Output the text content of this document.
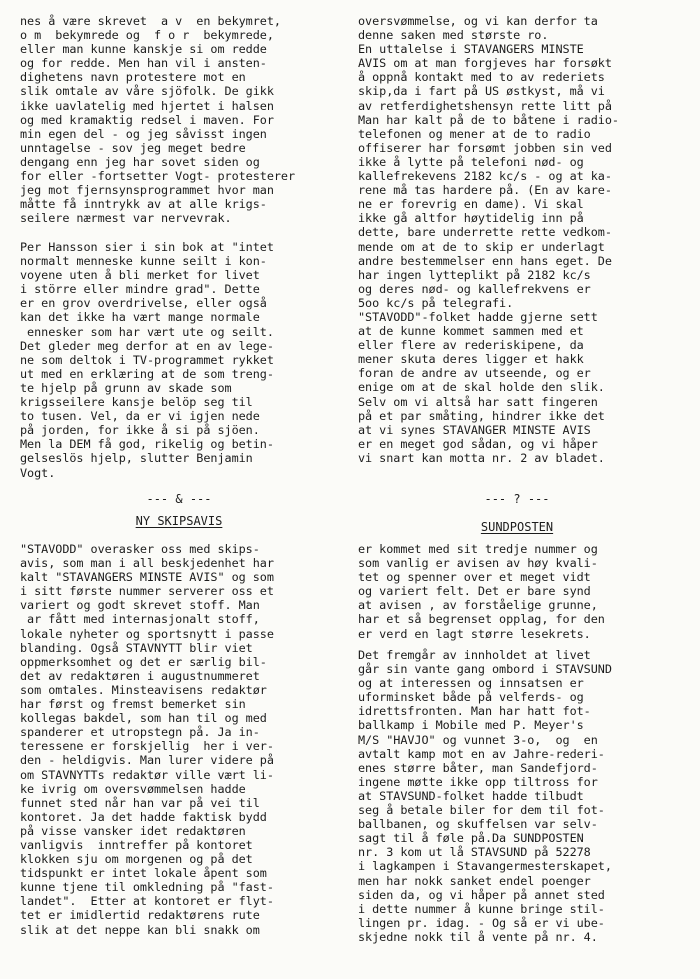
nes å være skrevet  a v  en bekymret,
o m  bekymrede og  f o r  bekymrede,
eller man kunne kanskje si om redde
og for redde. Men han vil i ansten-
dighetens navn protestere mot en
slik omtale av våre sjöfolk. De gikk
ikke uavlatelig med hjertet i halsen
og med kramaktig redsel i maven. For
min egen del - og jeg såvisst ingen
unntagelse - sov jeg meget bedre
dengang enn jeg har sovet siden og
for eller -fortsetter Vogt- protesterer
jeg mot fjernsynsprogrammet hvor man
måtte få inntrykk av at alle krigs-
seilere nærmest var nervevrak.
Per Hansson sier i sin bok at "intet
normalt menneske kunne seilt i kon-
voyene uten å bli merket for livet
i större eller mindre grad". Dette
er en grov overdrivelse, eller også
kan det ikke ha vært mange normale
ennesker som har vært ute og seilt.
Det gleder meg derfor at en av lege-
ne som deltok i TV-programmet rykket
ut med en erklæring at de som treng-
te hjelp på grunn av skade som
krigsseilere kansje belöp seg til
to tusen. Vel, da er vi igjen nede
på jorden, for ikke å si på sjöen.
Men la DEM få god, rikelig og betin-
gelseslös hjelp, slutter Benjamin
Vogt.
--- & ---
NY SKIPSAVIS
"STAVODD" overasker oss med skips-
avis, som man i all beskjedenhet har
kalt "STAVANGERS MINSTE AVIS" og som
i sitt første nummer serverer oss et
variert og godt skrevet stoff. Man
ar fått med internasjonalt stoff,
lokale nyheter og sportsnytt i passe
blanding. Også STAVNYTT blir viet
oppmerksomhet og det er særlig bil-
det av redaktøren i augustnummeret
som omtales. Minsteavisens redaktør
har først og fremst bemerket sin
kollegas bakdel, som han til og med
spanderer et utropstegn på. Ja in-
teressene er forskjellig  her i ver-
den - heldigvis. Man lurer videre på
om STAVNYTTs redaktør ville vært li-
ke ivrig om oversvømmelsen hadde
funnet sted når han var på vei til
kontoret. Ja det hadde faktisk bydd
på visse vansker idet redaktøren
vanligvis  inntreffer på kontoret
klokken sju om morgenen og på det
tidspunkt er intet lokale åpent som
kunne tjene til omkledning på "fast-
landet".  Etter at kontoret er flyt-
tet er imidlertid redaktørens rute
slik at det neppe kan bli snakk om
oversvømmelse, og vi kan derfor ta
denne saken med største ro.
En uttalelse i STAVANGERS MINSTE
AVIS om at man forgjeves har forsøkt
å oppnå kontakt med to av rederiets
skip,da i fart på US østkyst, må vi
av retferdighetshensyn rette litt på
Man har kalt på de to båtene i radio-
telefonen og mener at de to radio
offiserer har forsømt jobben sin ved
ikke å lytte på telefoni nød- og
kallefrekevens 2182 kc/s - og at ka-
rene må tas hardere på. (En av kare-
ne er forevrig en dame). Vi skal
ikke gå altfor høytidelig inn på
dette, bare underrette rette vedkom-
mende om at de to skip er underlagt
andre bestemmelser enn hans eget. De
har ingen lytteplikt på 2182 kc/s
og deres nød- og kallefrekvens er
5oo kc/s på telegrafi.
"STAVODD"-folket hadde gjerne sett
at de kunne kommet sammen med et
eller flere av rederiskipene, da
mener skuta deres ligger et hakk
foran de andre av utseende, og er
enige om at de skal holde den slik.
Selv om vi altså har satt fingeren
på et par småting, hindrer ikke det
at vi synes STAVANGER MINSTE AVIS
er en meget god sådan, og vi håper
vi snart kan motta nr. 2 av bladet.
--- ? ---
SUNDPOSTEN
er kommet med sit tredje nummer og
som vanlig er avisen av høy kvali-
tet og spenner over et meget vidt
og variert felt. Det er bare synd
at avisen , av forståelige grunne,
har et så begrenset opplag, for den
er verd en lagt større lesekrets.
Det fremgår av innholdet at livet
går sin vante gang ombord i STAVSUND
og at interessen og innsatsen er
uforminsket både på velferds- og
idrettsfronten. Man har hatt fot-
ballkamp i Mobile med P. Meyer's
M/S "HAVJO" og vunnet 3-o,  og  en
avtalt kamp mot en av Jahre-rederi-
enes større båter, man Sandefjord-
ingene møtte ikke opp tiltross for
at STAVSUND-folket hadde tilbudt
seg å betale biler for dem til fot-
ballbanen, og skuffelsen var selv-
sagt til å føle på.Da SUNDPOSTEN
nr. 3 kom ut lå STAVSUND på 52278
i lagkampen i Stavangermesterskapet,
men har nokk sanket endel poenger
siden da, og vi håper på annet sted
i dette nummer å kunne bringe stil-
lingen pr. idag. - Og så er vi ube-
skjedne nokk til å vente på nr. 4.
